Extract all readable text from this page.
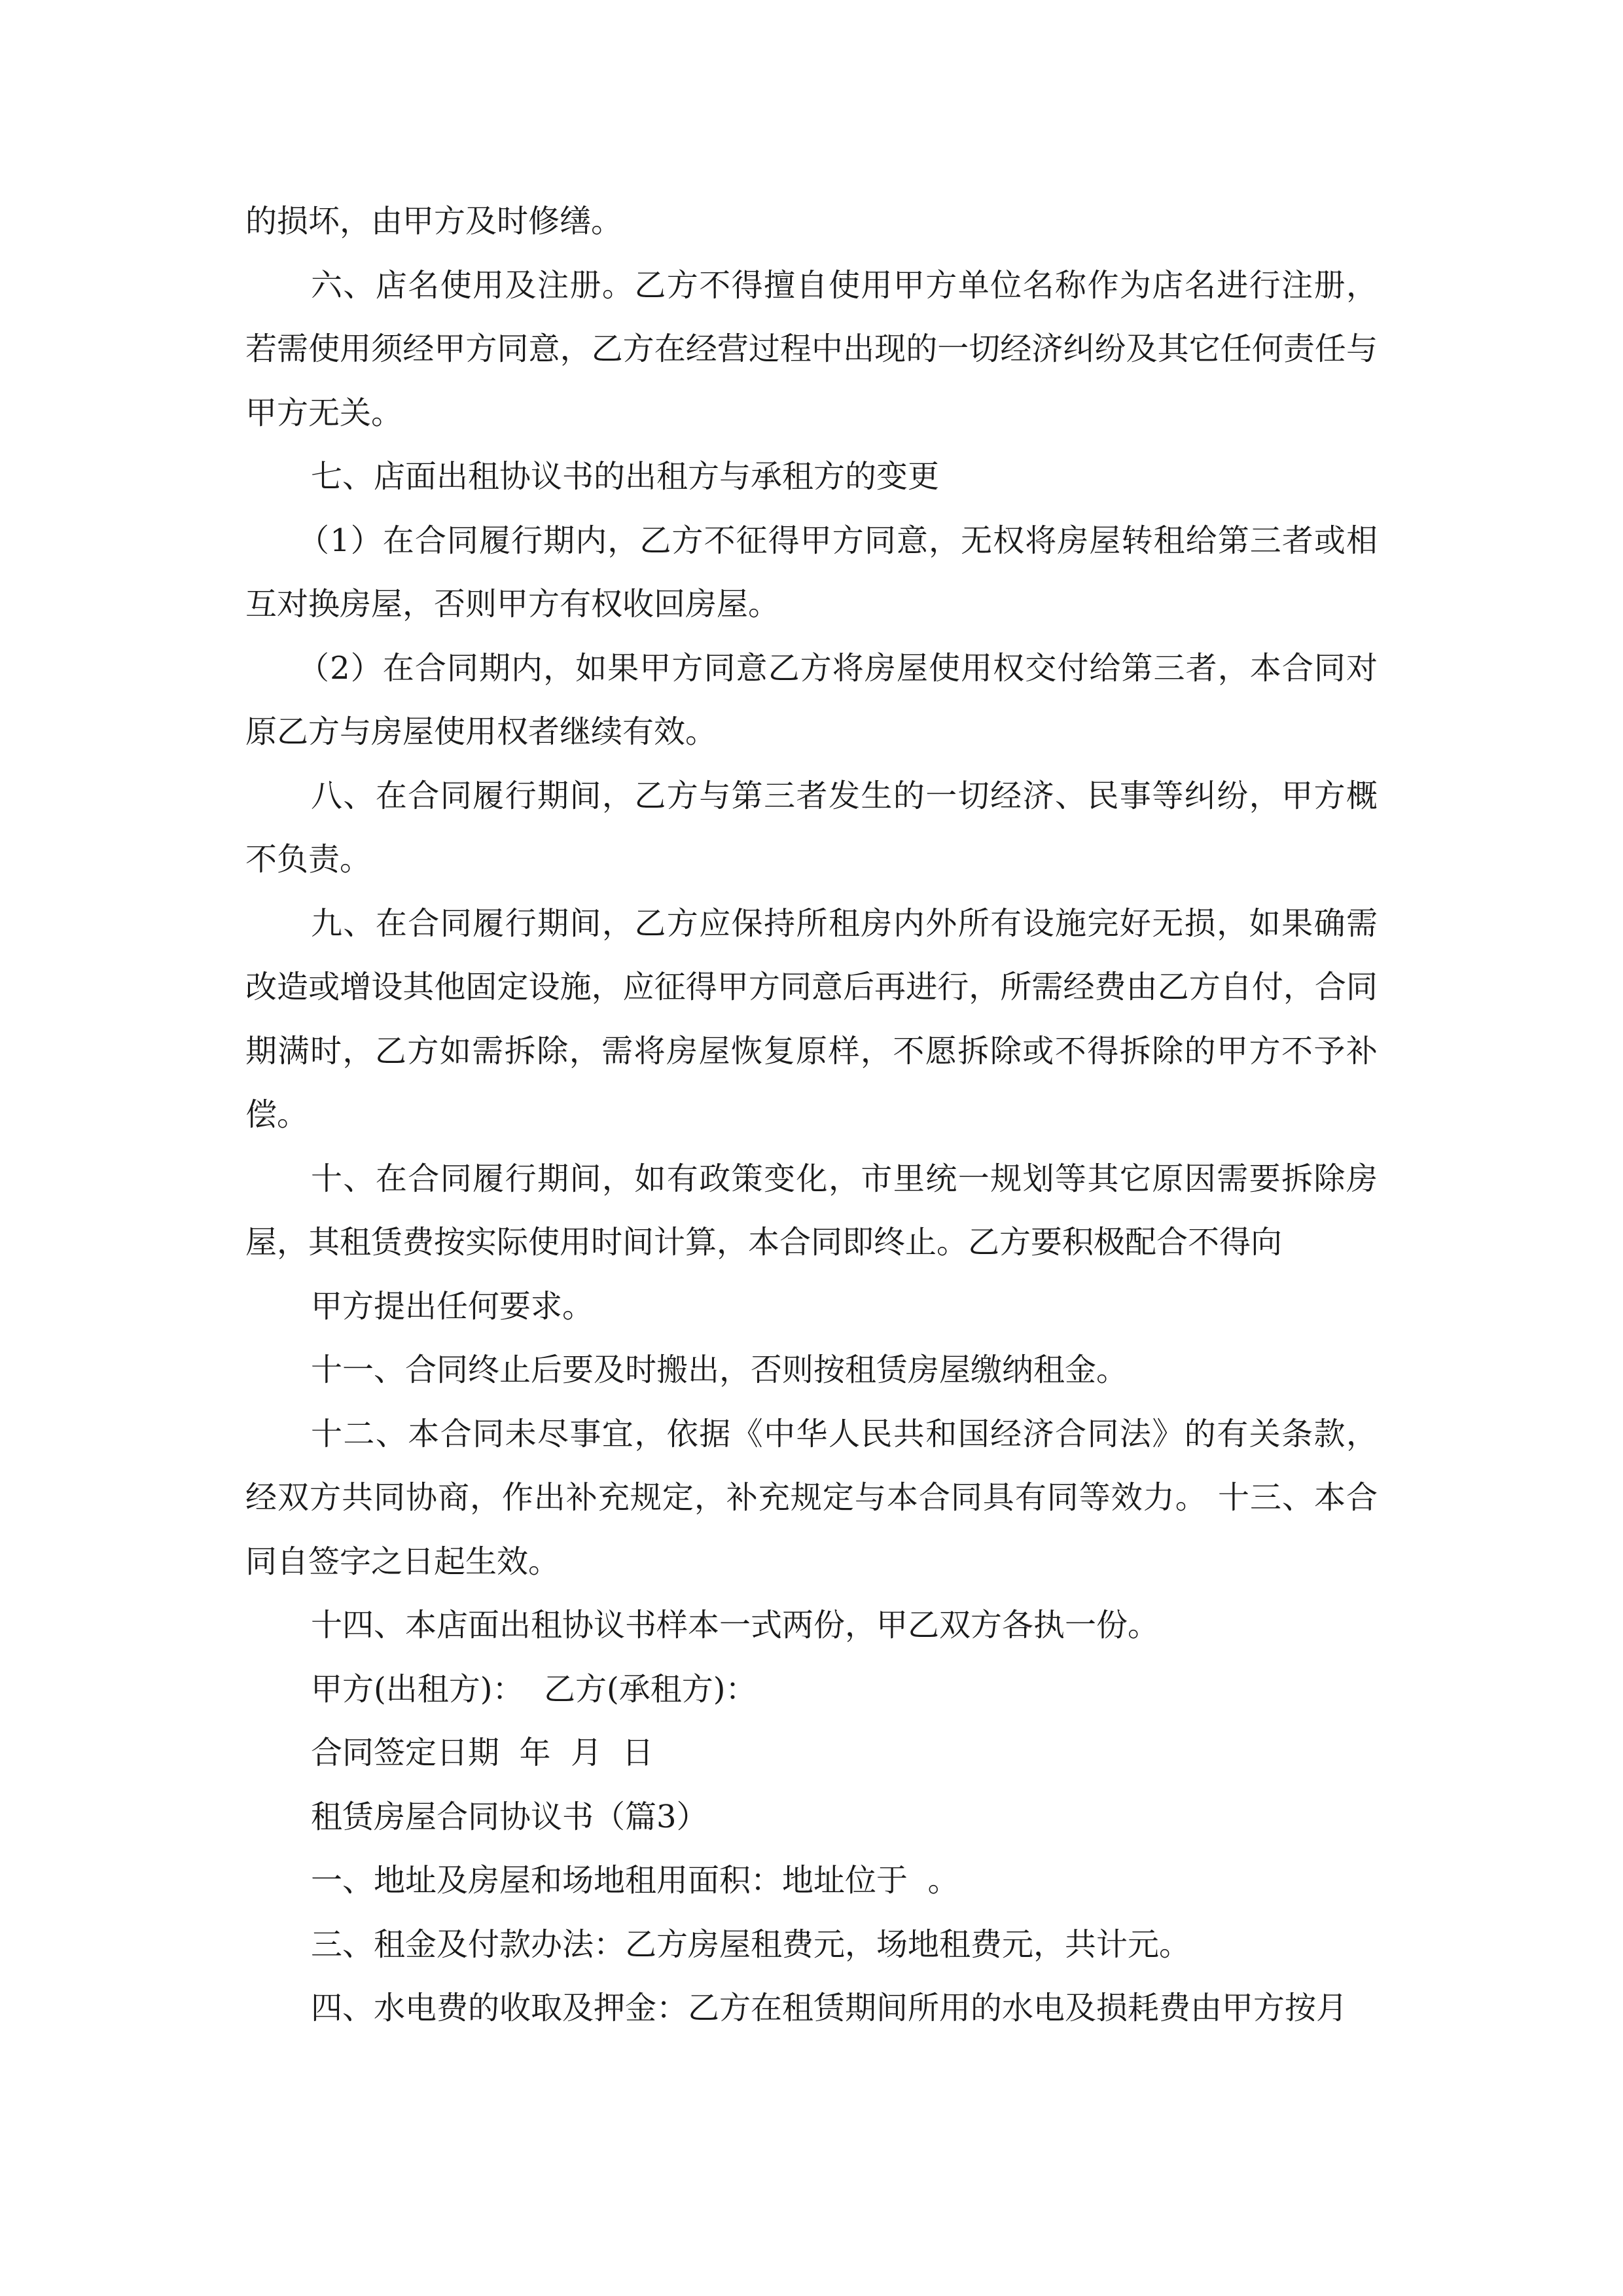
的损坏，由甲方及时修缮。

六、店名使用及注册。乙方不得擅自使用甲方单位名称作为店名进行注册，若需使用须经甲方同意，乙方在经营过程中出现的一切经济纠纷及其它任何责任与甲方无关。

七、店面出租协议书的出租方与承租方的变更

（1）在合同履行期内，乙方不征得甲方同意，无权将房屋转租给第三者或相互对换房屋，否则甲方有权收回房屋。

（2）在合同期内，如果甲方同意乙方将房屋使用权交付给第三者，本合同对原乙方与房屋使用权者继续有效。

八、在合同履行期间，乙方与第三者发生的一切经济、民事等纠纷，甲方概不负责。

九、在合同履行期间，乙方应保持所租房内外所有设施完好无损，如果确需改造或增设其他固定设施，应征得甲方同意后再进行，所需经费由乙方自付，合同期满时，乙方如需拆除，需将房屋恢复原样，不愿拆除或不得拆除的甲方不予补偿。

十、在合同履行期间，如有政策变化，市里统一规划等其它原因需要拆除房屋，其租赁费按实际使用时间计算，本合同即终止。乙方要积极配合不得向

甲方提出任何要求。

十一、合同终止后要及时搬出，否则按租赁房屋缴纳租金。

十二、本合同未尽事宜，依据《中华人民共和国经济合同法》的有关条款，经双方共同协商，作出补充规定，补充规定与本合同具有同等效力。 十三、本合同自签字之日起生效。

十四、本店面出租协议书样本一式两份，甲乙双方各执一份。

甲方(出租方)：  乙方(承租方)：

合同签定日期  年  月  日

租赁房屋合同协议书（篇3）

一、地址及房屋和场地租用面积：地址位于  。

三、租金及付款办法：乙方房屋租费元，场地租费元，共计元。

四、水电费的收取及押金：乙方在租赁期间所用的水电及损耗费由甲方按月
